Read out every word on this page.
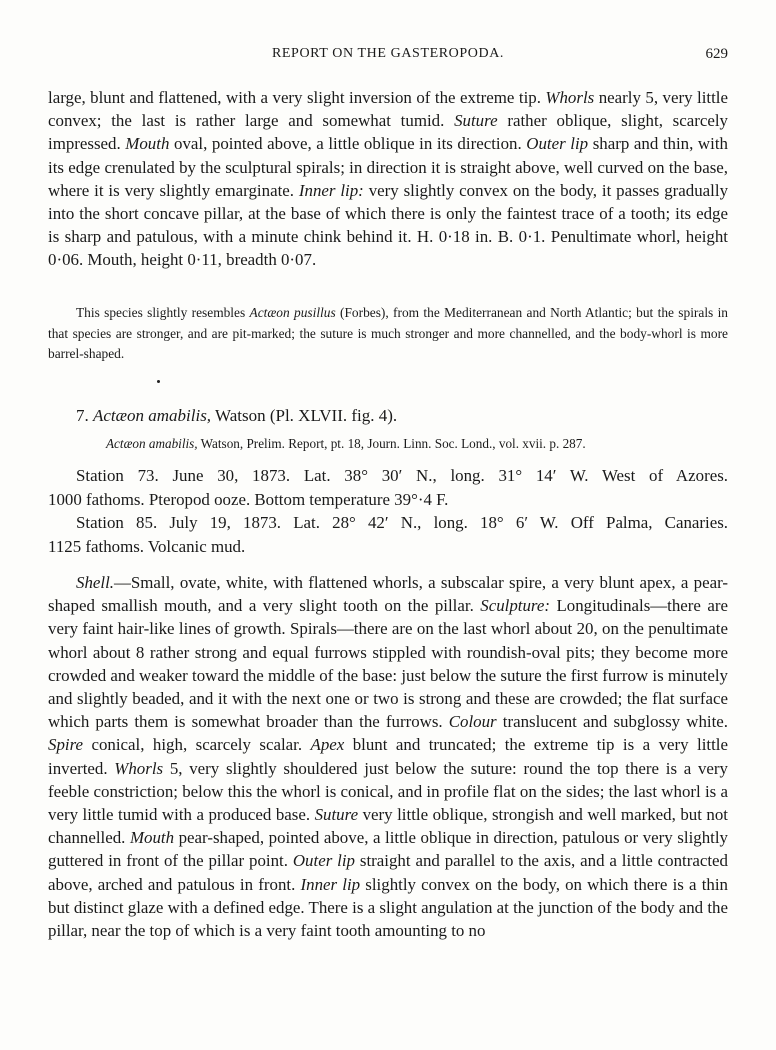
REPORT ON THE GASTEROPODA.	629

large, blunt and flattened, with a very slight inversion of the extreme tip. Whorls nearly 5, very little convex; the last is rather large and somewhat tumid. Suture rather oblique, slight, scarcely impressed. Mouth oval, pointed above, a little oblique in its direction. Outer lip sharp and thin, with its edge crenulated by the sculptural spirals; in direction it is straight above, well curved on the base, where it is very slightly emarginate. Inner lip: very slightly convex on the body, it passes gradually into the short concave pillar, at the base of which there is only the faintest trace of a tooth; its edge is sharp and patulous, with a minute chink behind it. H. 0·18 in. B. 0·1. Penultimate whorl, height 0·06. Mouth, height 0·11, breadth 0·07.

This species slightly resembles Actæon pusillus (Forbes), from the Mediterranean and North Atlantic; but the spirals in that species are stronger, and are pit-marked; the suture is much stronger and more channelled, and the body-whorl is more barrel-shaped.

7. Actæon amabilis, Watson (Pl. XLVII. fig. 4).

Actæon amabilis, Watson, Prelim. Report, pt. 18, Journ. Linn. Soc. Lond., vol. xvii. p. 287.

Station 73. June 30, 1873. Lat. 38° 30′ N., long. 31° 14′ W. West of Azores.
1000 fathoms. Pteropod ooze. Bottom temperature 39°·4 F.

Station 85. July 19, 1873. Lat. 28° 42′ N., long. 18° 6′ W. Off Palma, Canaries.
1125 fathoms. Volcanic mud.

Shell.—Small, ovate, white, with flattened whorls, a subscalar spire, a very blunt apex, a pear-shaped smallish mouth, and a very slight tooth on the pillar. Sculpture: Longitudinals—there are very faint hair-like lines of growth. Spirals—there are on the last whorl about 20, on the penultimate whorl about 8 rather strong and equal furrows stippled with roundish-oval pits; they become more crowded and weaker toward the middle of the base: just below the suture the first furrow is minutely and slightly beaded, and it with the next one or two is strong and these are crowded; the flat surface which parts them is somewhat broader than the furrows. Colour translucent and subglossy white. Spire conical, high, scarcely scalar. Apex blunt and truncated; the extreme tip is a very little inverted. Whorls 5, very slightly shouldered just below the suture: round the top there is a very feeble constriction; below this the whorl is conical, and in profile flat on the sides; the last whorl is a very little tumid with a produced base. Suture very little oblique, strongish and well marked, but not channelled. Mouth pear-shaped, pointed above, a little oblique in direction, patulous or very slightly guttered in front of the pillar point. Outer lip straight and parallel to the axis, and a little contracted above, arched and patulous in front. Inner lip slightly convex on the body, on which there is a thin but distinct glaze with a defined edge. There is a slight angulation at the junction of the body and the pillar, near the top of which is a very faint tooth amounting to no
